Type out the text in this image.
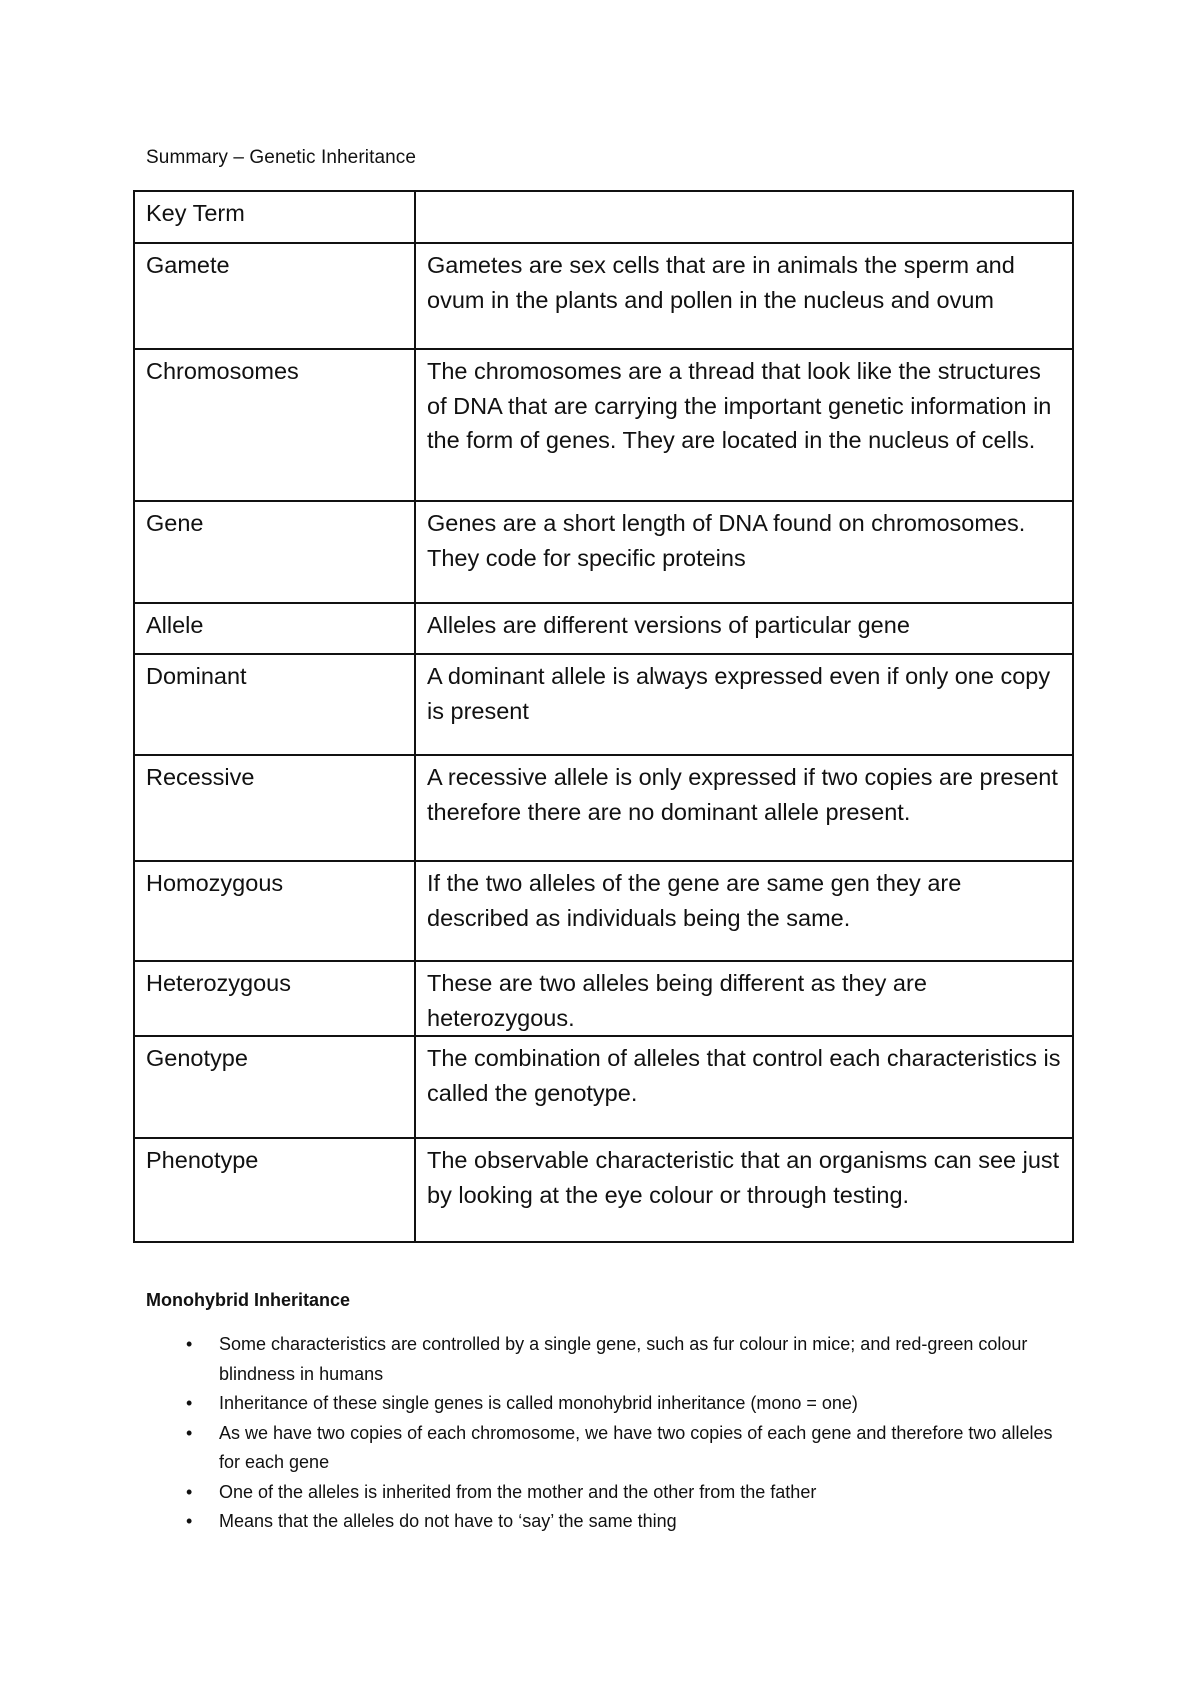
Summary – Genetic Inheritance
Key Term	
Gamete	Gametes are sex cells that are in animals the sperm and ovum in the plants and pollen in the nucleus and ovum
Chromosomes	The chromosomes are a thread that look like the structures of DNA that are carrying the important genetic information in the form of genes. They are located in the nucleus of cells.
Gene	Genes are a short length of DNA found on chromosomes. They code for specific proteins
Allele	Alleles are different versions of particular gene
Dominant	A dominant allele is always expressed even if only one copy is present
Recessive	A recessive allele is only expressed if two copies are present therefore there are no dominant allele present.
Homozygous	If the two alleles of the gene are same gen they are described as individuals being the same.
Heterozygous	These are two alleles being different as they are heterozygous.
Genotype	The combination of alleles that control each characteristics is called the genotype.
Phenotype	The observable characteristic that an organisms can see just by looking at the eye colour or through testing.
Monohybrid Inheritance
• Some characteristics are controlled by a single gene, such as fur colour in mice; and red-green colour blindness in humans
• Inheritance of these single genes is called monohybrid inheritance (mono = one)
• As we have two copies of each chromosome, we have two copies of each gene and therefore two alleles for each gene
• One of the alleles is inherited from the mother and the other from the father
• Means that the alleles do not have to ‘say’ the same thing
